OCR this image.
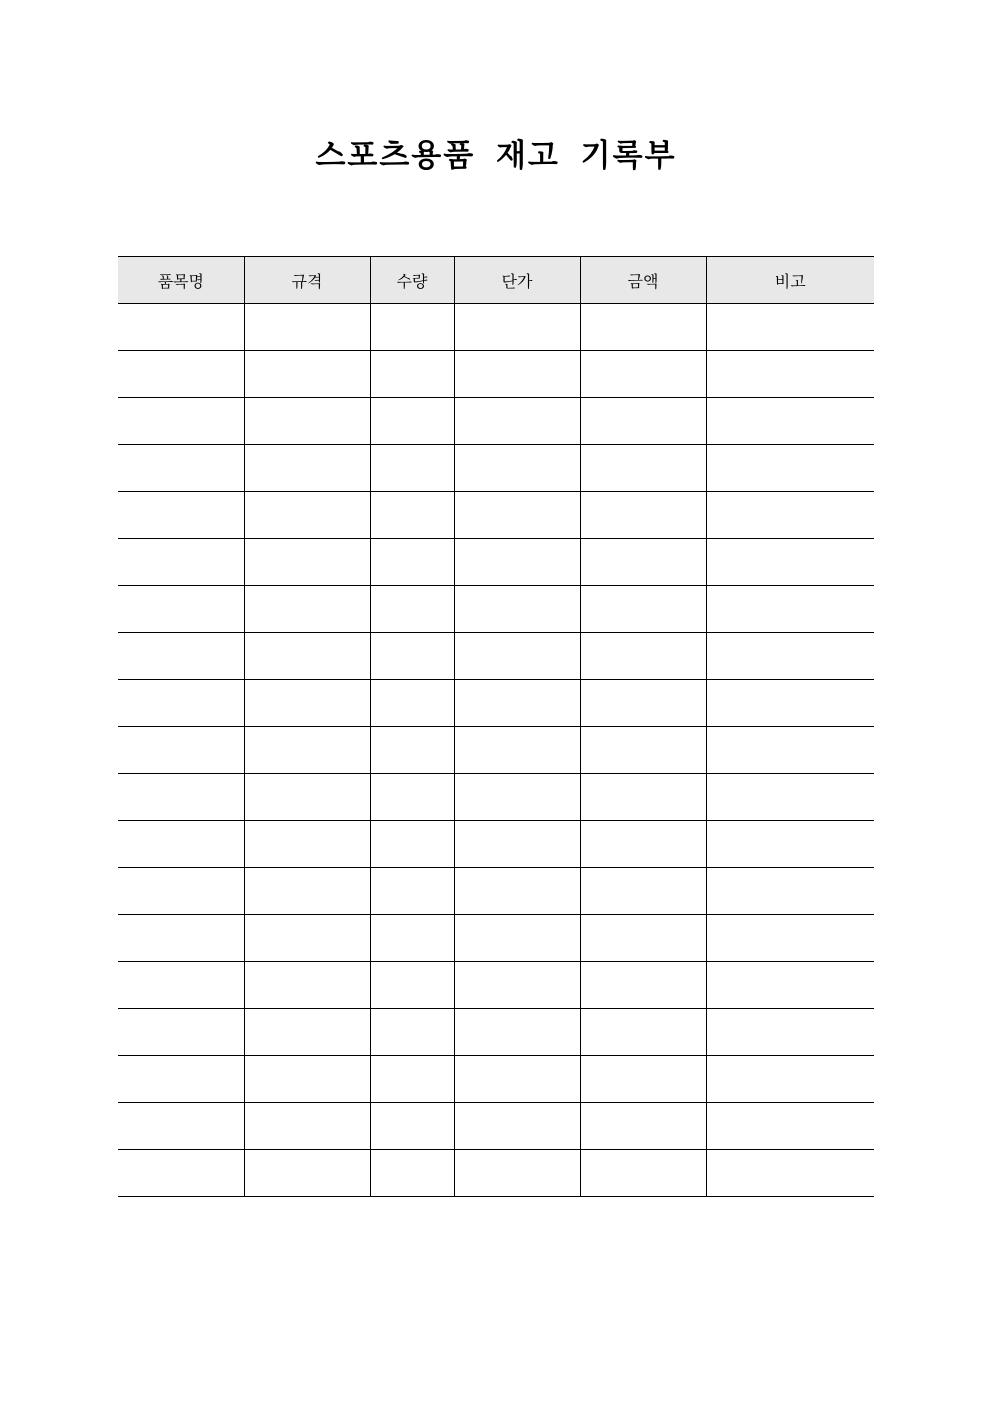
스포츠용품 재고 기록부
품목명	규격	수량	단가	금액	비고
